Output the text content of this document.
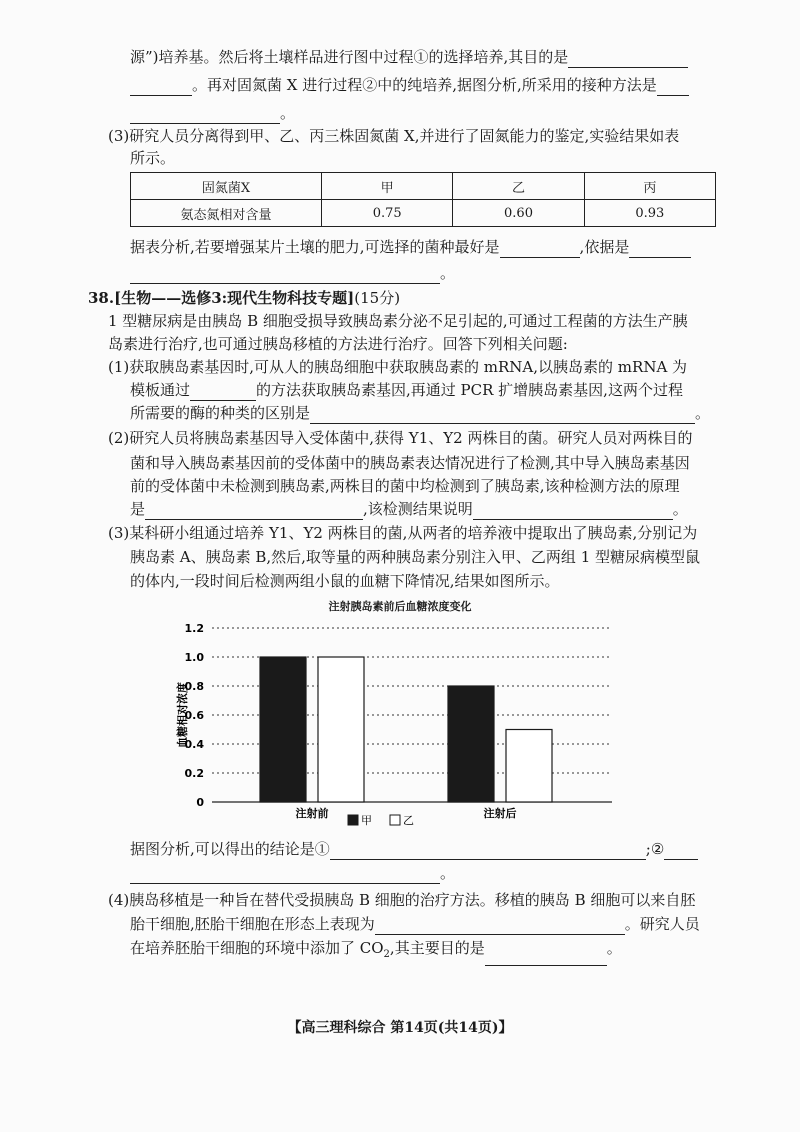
源”)培养基。然后将土壤样品进行图中过程①的选择培养,其目的是
。再对固氮菌 X 进行过程②中的纯培养,据图分析,所采用的接种方法是
。
(3)研究人员分离得到甲、乙、丙三株固氮菌 X,并进行了固氮能力的鉴定,实验结果如表
所示。
固氮菌X	甲	乙	丙
氨态氮相对含量	0.75	0.60	0.93
据表分析,若要增强某片土壤的肥力,可选择的菌种最好是	,依据是
。
38.[生物——选修3:现代生物科技专题](15分)
1 型糖尿病是由胰岛 B 细胞受损导致胰岛素分泌不足引起的,可通过工程菌的方法生产胰
岛素进行治疗,也可通过胰岛移植的方法进行治疗。回答下列相关问题:
(1)获取胰岛素基因时,可从人的胰岛细胞中获取胰岛素的 mRNA,以胰岛素的 mRNA 为
模板通过	的方法获取胰岛素基因,再通过 PCR 扩增胰岛素基因,这两个过程
所需要的酶的种类的区别是	。
(2)研究人员将胰岛素基因导入受体菌中,获得 Y1、Y2 两株目的菌。研究人员对两株目的
菌和导入胰岛素基因前的受体菌中的胰岛素表达情况进行了检测,其中导入胰岛素基因
前的受体菌中未检测到胰岛素,两株目的菌中均检测到了胰岛素,该种检测方法的原理
是	,该检测结果说明	。
(3)某科研小组通过培养 Y1、Y2 两株目的菌,从两者的培养液中提取出了胰岛素,分别记为
胰岛素 A、胰岛素 B,然后,取等量的两种胰岛素分别注入甲、乙两组 1 型糖尿病模型鼠
的体内,一段时间后检测两组小鼠的血糖下降情况,结果如图所示。
注射胰岛素前后血糖浓度变化
0
0.2
0.4
0.6
0.8
1.0
1.2
血糖相对浓度
注射前	注射后
甲	乙
据图分析,可以得出的结论是①	;②
。
(4)胰岛移植是一种旨在替代受损胰岛 B 细胞的治疗方法。移植的胰岛 B 细胞可以来自胚
胎干细胞,胚胎干细胞在形态上表现为	。研究人员
在培养胚胎干细胞的环境中添加了 $CO_2$,其主要目的是	。
【高三理科综合 第14页(共14页)】
